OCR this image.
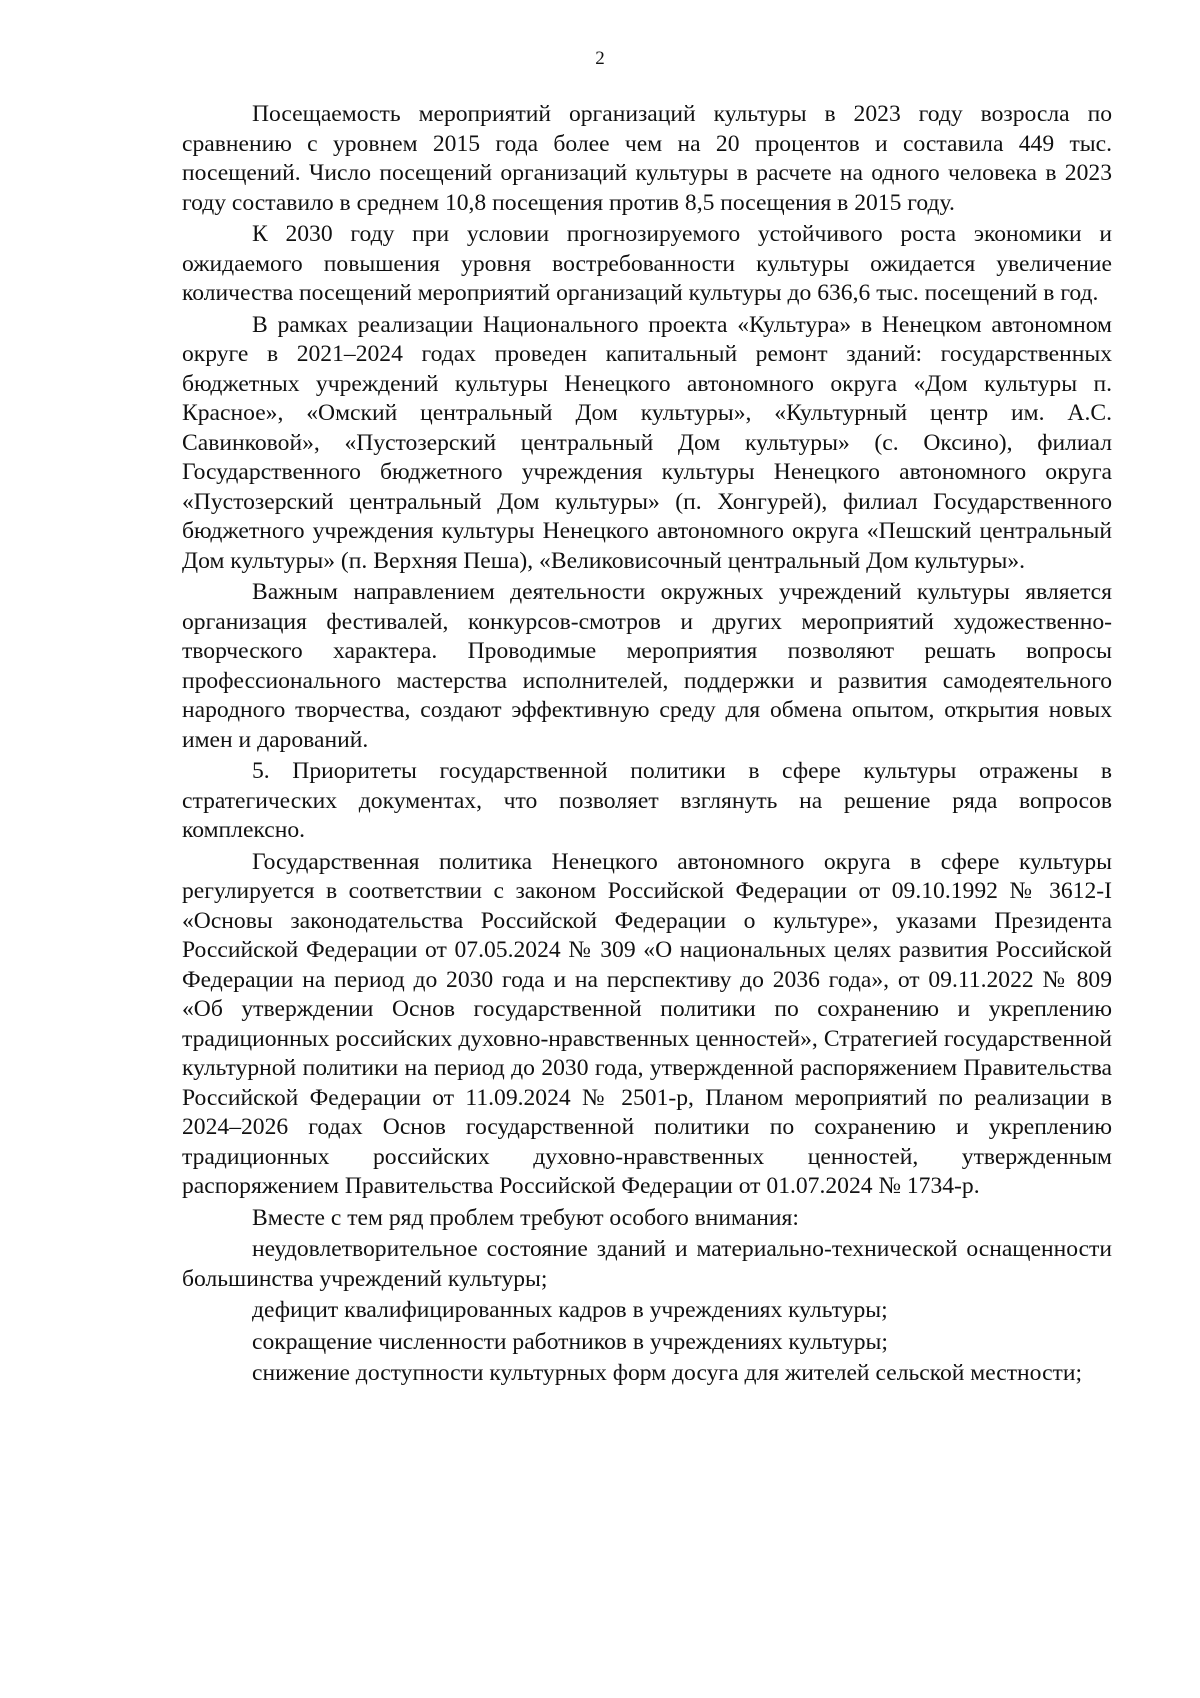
2

Посещаемость мероприятий организаций культуры в 2023 году возросла по сравнению с уровнем 2015 года более чем на 20 процентов и составила 449 тыс. посещений. Число посещений организаций культуры в расчете на одного человека в 2023 году составило в среднем 10,8 посещения против 8,5 посещения в 2015 году.

К 2030 году при условии прогнозируемого устойчивого роста экономики и ожидаемого повышения уровня востребованности культуры ожидается увеличение количества посещений мероприятий организаций культуры до 636,6 тыс. посещений в год.

В рамках реализации Национального проекта «Культура» в Ненецком автономном округе в 2021–2024 годах проведен капитальный ремонт зданий: государственных бюджетных учреждений культуры Ненецкого автономного округа «Дом культуры п. Красное», «Омский центральный Дом культуры», «Культурный центр им. А.С. Савинковой», «Пустозерский центральный Дом культуры» (с. Оксино), филиал Государственного бюджетного учреждения культуры Ненецкого автономного округа «Пустозерский центральный Дом культуры» (п. Хонгурей), филиал Государственного бюджетного учреждения культуры Ненецкого автономного округа «Пешский центральный Дом культуры» (п. Верхняя Пеша), «Великовисочный центральный Дом культуры».

Важным направлением деятельности окружных учреждений культуры является организация фестивалей, конкурсов-смотров и других мероприятий художественно-творческого характера. Проводимые мероприятия позволяют решать вопросы профессионального мастерства исполнителей, поддержки и развития самодеятельного народного творчества, создают эффективную среду для обмена опытом, открытия новых имен и дарований.

5. Приоритеты государственной политики в сфере культуры отражены в стратегических документах, что позволяет взглянуть на решение ряда вопросов комплексно.

Государственная политика Ненецкого автономного округа в сфере культуры регулируется в соответствии с законом Российской Федерации от 09.10.1992 № 3612-I «Основы законодательства Российской Федерации о культуре», указами Президента Российской Федерации от 07.05.2024 № 309 «О национальных целях развития Российской Федерации на период до 2030 года и на перспективу до 2036 года», от 09.11.2022 № 809 «Об утверждении Основ государственной политики по сохранению и укреплению традиционных российских духовно-нравственных ценностей», Стратегией государственной культурной политики на период до 2030 года, утвержденной распоряжением Правительства Российской Федерации от 11.09.2024 № 2501-р, Планом мероприятий по реализации в 2024–2026 годах Основ государственной политики по сохранению и укреплению традиционных российских духовно-нравственных ценностей, утвержденным распоряжением Правительства Российской Федерации от 01.07.2024 № 1734-р.

Вместе с тем ряд проблем требуют особого внимания:

неудовлетворительное состояние зданий и материально-технической оснащенности большинства учреждений культуры;

дефицит квалифицированных кадров в учреждениях культуры;

сокращение численности работников в учреждениях культуры;

снижение доступности культурных форм досуга для жителей сельской местности;
